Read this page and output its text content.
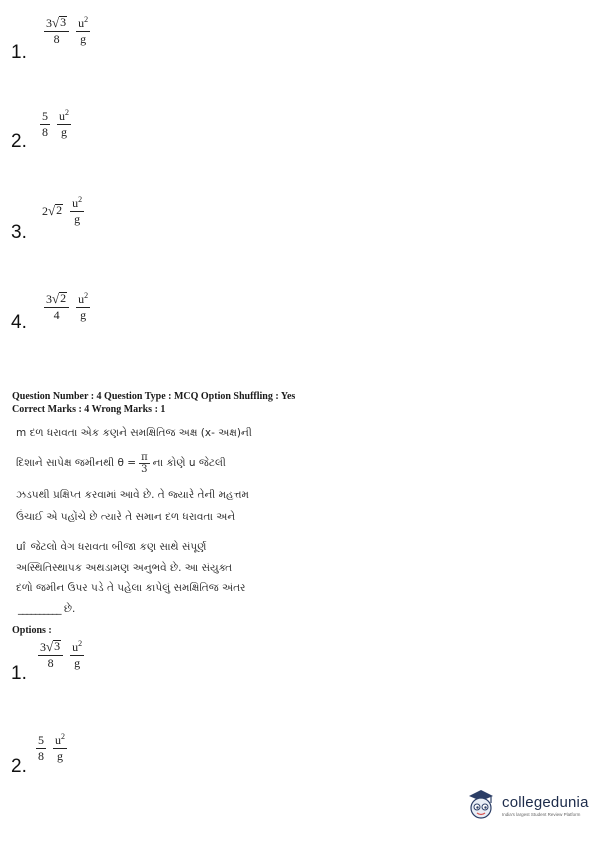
$\frac{3 √ 3}{8} \frac{u^2}{g}$
1.
$\frac{5}{8} \frac{u^2}{g}$
2.
2 √ $2 \frac{u^2}{g}$
3.
$\frac{3 √ 2}{4} \frac{u^2}{g}$
4.
Question Number : 4 Question Type : MCQ Option Shuffling : Yes
Correct Marks : 4 Wrong Marks : 1
m દળ ધરાવતા એક કણને સમક્ષિતિજ અક્ષ (x- અક્ષ)ની
દિશાને સાપેક્ષ જમીનથી $\theta = \frac{\pi}{3}$ ના કોણે u જેટલી
ઝડપથી પ્રક્ષિપ્ત કરવામાં આવે છે. તે જ્યારે તેની મહત્તમ
ઉંચાઈ એ પહોંચે છે ત્યારે તે સમાન દળ ધરાવતા અને
uî જેટલો વેગ ધરાવતા બીજા કણ સાથે સંપૂર્ણ
અસ્થિતિસ્થાપક અથડામણ અનુભવે છે. આ સંયુક્ત
દળો જમીન ઉપર પડે તે પહેલા કાપેલું સમક્ષિતિજ અંતર
__________ છે.
Options :
$\frac{3 √ 3}{8} \frac{u^2}{g}$
1.
$\frac{5}{8} \frac{u^2}{g}$
2.
collegedunia
India's largest Student Review Platform
